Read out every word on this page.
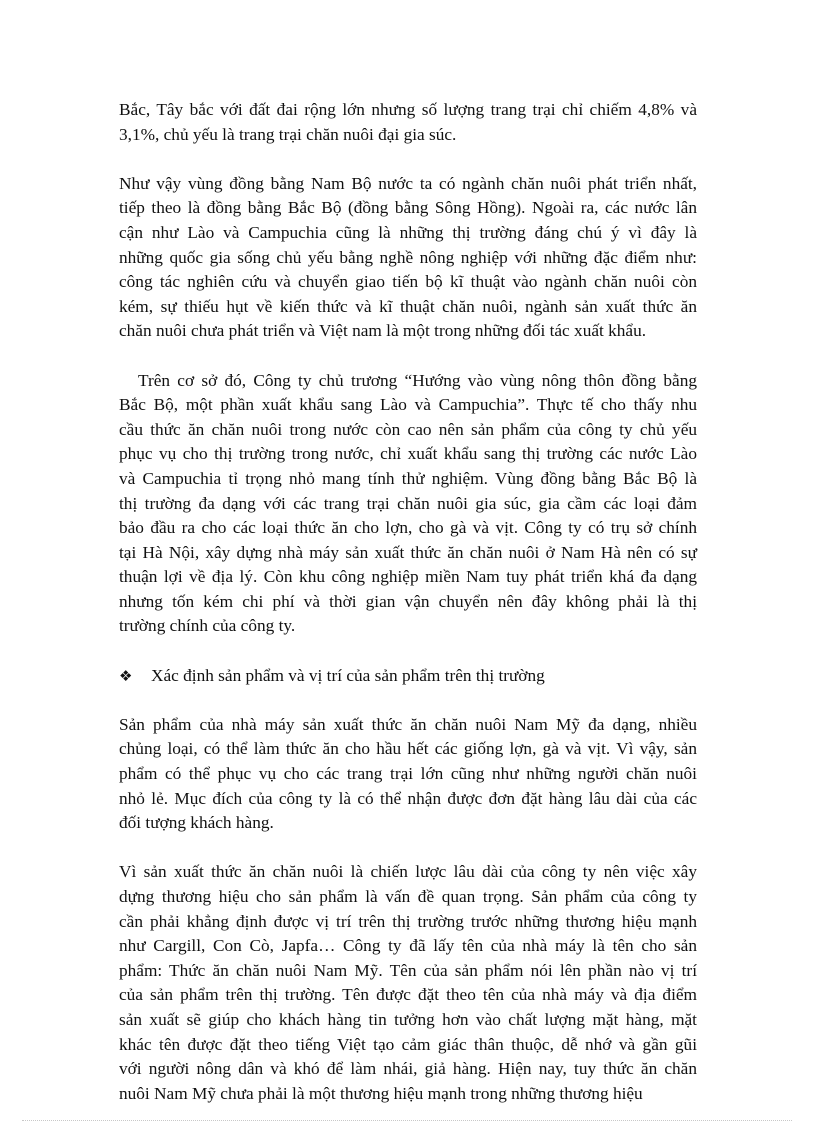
Bắc, Tây bắc với đất đai rộng lớn nhưng số lượng trang trại chỉ chiếm 4,8% và
3,1%, chủ yếu là trang trại chăn nuôi đại gia súc.

Như vậy vùng đồng bằng Nam Bộ nước ta có ngành chăn nuôi phát triển nhất,
tiếp theo là đồng bằng Bắc Bộ (đồng bằng Sông Hồng). Ngoài ra, các nước lân
cận như Lào và Campuchia cũng là những thị trường đáng chú ý vì đây là
những quốc gia sống chủ yếu bằng nghề nông nghiệp với những đặc điểm như:
công tác nghiên cứu và chuyển giao tiến bộ kĩ thuật vào ngành chăn nuôi còn
kém, sự thiếu hụt về kiến thức và kĩ thuật chăn nuôi, ngành sản xuất thức ăn
chăn nuôi chưa phát triển và Việt nam là một trong những đối tác xuất khẩu.

Trên cơ sở đó, Công ty chủ trương “Hướng vào vùng nông thôn đồng bằng
Bắc Bộ, một phần xuất khẩu sang Lào và Campuchia”. Thực tế cho thấy nhu
cầu thức ăn chăn nuôi trong nước còn cao nên sản phẩm của công ty chủ yếu
phục vụ cho thị trường trong nước, chỉ xuất khẩu sang thị trường các nước Lào
và Campuchia tỉ trọng nhỏ mang tính thử nghiệm. Vùng đồng bằng Bắc Bộ là
thị trường đa dạng với các trang trại chăn nuôi gia súc, gia cầm các loại đảm
bảo đầu ra cho các loại thức ăn cho lợn, cho gà và vịt. Công ty có trụ sở chính
tại Hà Nội, xây dựng nhà máy sản xuất thức ăn chăn nuôi ở Nam Hà nên có sự
thuận lợi về địa lý. Còn khu công nghiệp miền Nam tuy phát triển khá đa dạng
nhưng tốn kém chi phí và thời gian vận chuyển nên đây không phải là thị
trường chính của công ty.

❖	Xác định sản phẩm và vị trí của sản phẩm trên thị trường

Sản phẩm của nhà máy sản xuất thức ăn chăn nuôi Nam Mỹ đa dạng, nhiều
chủng loại, có thể làm thức ăn cho hầu hết các giống lợn, gà và vịt. Vì vậy, sản
phẩm có thể phục vụ cho các trang trại lớn cũng như những người chăn nuôi
nhỏ lẻ. Mục đích của công ty là có thể nhận được đơn đặt hàng lâu dài của các
đối tượng khách hàng.

Vì sản xuất thức ăn chăn nuôi là chiến lược lâu dài của công ty nên việc xây
dựng thương hiệu cho sản phẩm là vấn đề quan trọng. Sản phẩm của công ty
cần phải khẳng định được vị trí trên thị trường trước những thương hiệu mạnh
như Cargill, Con Cò, Japfa… Công ty đã lấy tên của nhà máy là tên cho sản
phẩm: Thức ăn chăn nuôi Nam Mỹ. Tên của sản phẩm nói lên phần nào vị trí
của sản phẩm trên thị trường. Tên được đặt theo tên của nhà máy và địa điểm
sản xuất sẽ giúp cho khách hàng tin tưởng hơn vào chất lượng mặt hàng, mặt
khác tên được đặt theo tiếng Việt tạo cảm giác thân thuộc, dễ nhớ và gần gũi
với người nông dân và khó để làm nhái, giả hàng. Hiện nay, tuy thức ăn chăn
nuôi Nam Mỹ chưa phải là một thương hiệu mạnh trong những thương hiệu
